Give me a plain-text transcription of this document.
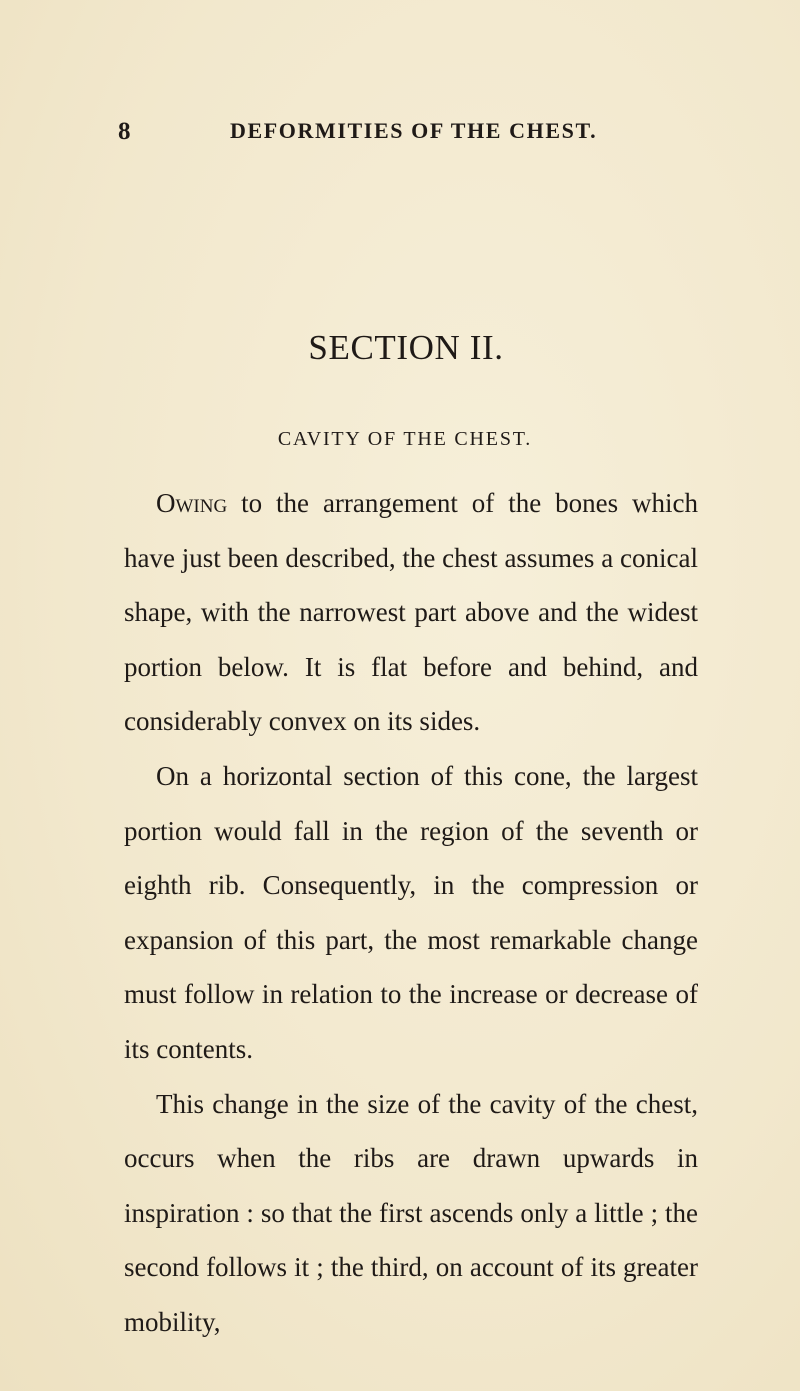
8	DEFORMITIES OF THE CHEST.
SECTION II.
CAVITY OF THE CHEST.

Owing to the arrangement of the bones which have just been described, the chest assumes a conical shape, with the narrowest part above and the widest portion below. It is flat before and behind, and considerably convex on its sides.

On a horizontal section of this cone, the largest portion would fall in the region of the seventh or eighth rib. Consequently, in the compression or expansion of this part, the most remarkable change must follow in relation to the increase or decrease of its contents.

This change in the size of the cavity of the chest, occurs when the ribs are drawn upwards in inspiration : so that the first ascends only a little ; the second follows it ; the third, on account of its greater mobility,
